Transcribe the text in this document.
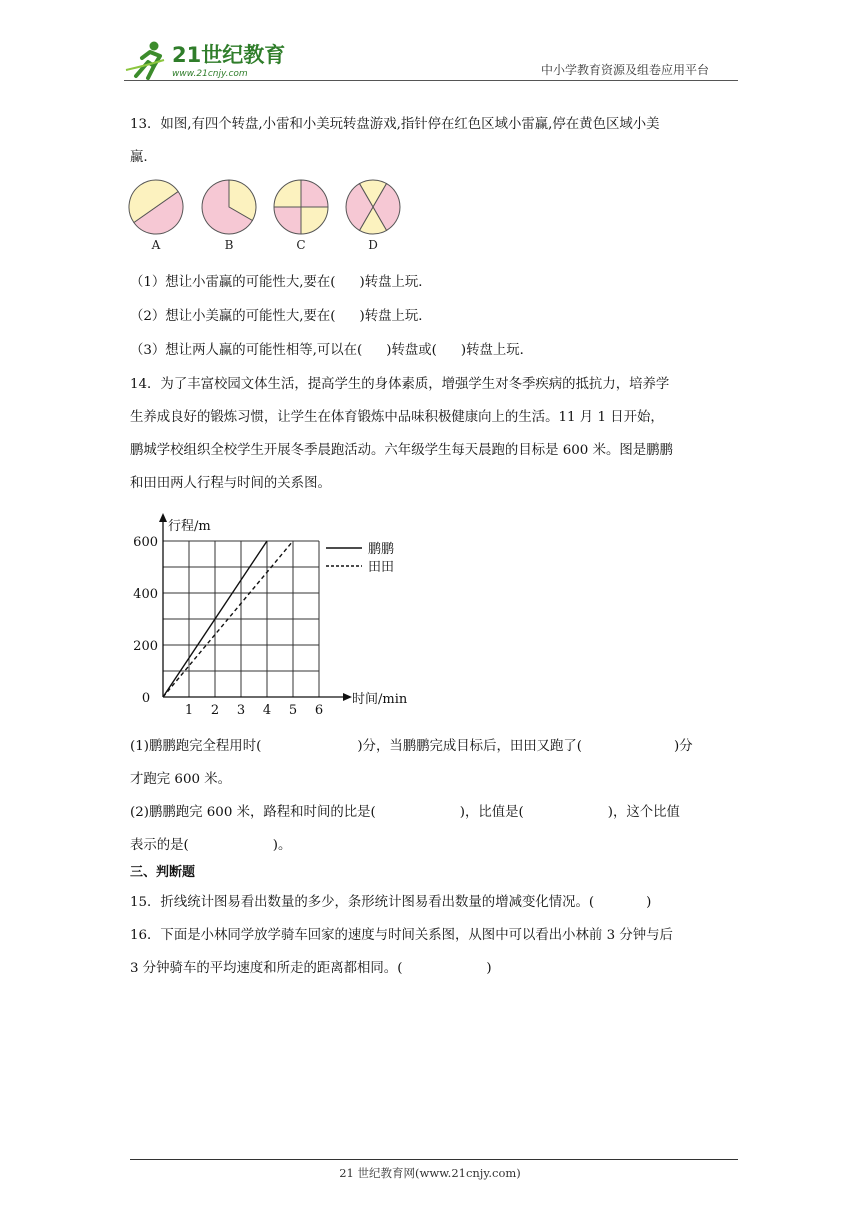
21世纪教育
www.21cnjy.com	中小学教育资源及组卷应用平台
13．如图,有四个转盘,小雷和小美玩转盘游戏,指针停在红色区域小雷赢,停在黄色区域小美
赢.
A	B	C	D
（1）想让小雷赢的可能性大,要在( )转盘上玩．
（2）想让小美赢的可能性大,要在( )转盘上玩．
（3）想让两人赢的可能性相等,可以在( )转盘或( )转盘上玩．
14．为了丰富校园文体生活，提高学生的身体素质，增强学生对冬季疾病的抵抗力，培养学
生养成良好的锻炼习惯，让学生在体育锻炼中品味积极健康向上的生活。11 月 1 日开始，
鹏城学校组织全校学生开展冬季晨跑活动。六年级学生每天晨跑的目标是 600 米。图是鹏鹏
和田田两人行程与时间的关系图。
1 2 3 4 5 6
600
400
200
鹏鹏
田田
行程/m
时间/min
0
(1)鹏鹏跑完全程用时(	)分，当鹏鹏完成目标后，田田又跑了(	)分
才跑完 600 米。
(2)鹏鹏跑完 600 米，路程和时间的比是(	)，比值是(	)，这个比值
表示的是(	)。
三、判断题
15．折线统计图易看出数量的多少，条形统计图易看出数量的增减变化情况。(	)
16．下面是小林同学放学骑车回家的速度与时间关系图，从图中可以看出小林前 3 分钟与后
3 分钟骑车的平均速度和所走的距离都相同。(	)
21 世纪教育网(www.21cnjy.com)
